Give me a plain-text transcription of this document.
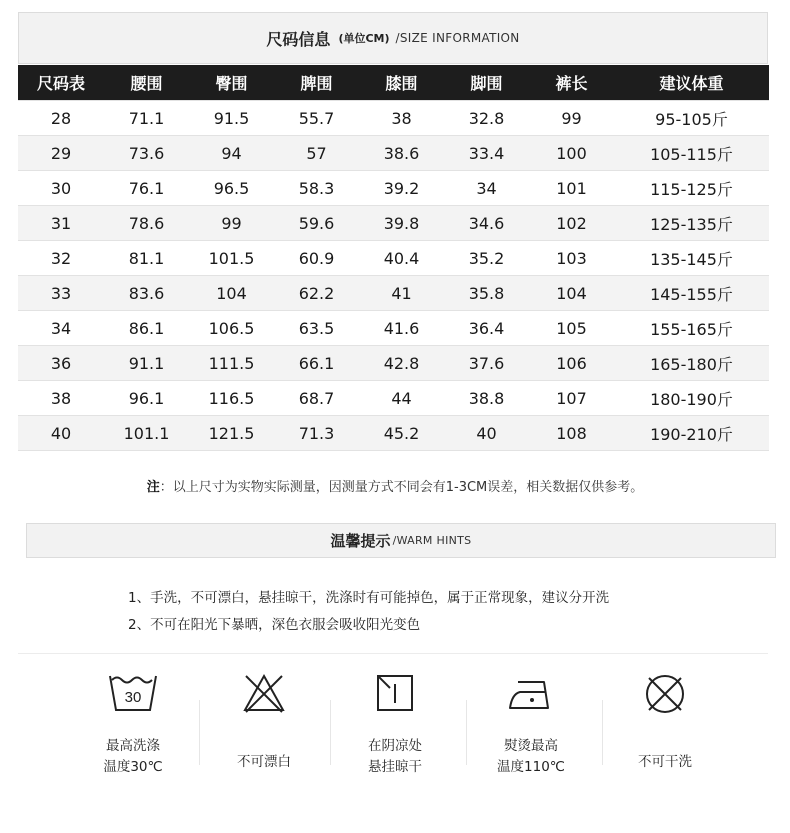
尺码信息 (单位CM) /SIZE INFORMATION
尺码表	腰围	臀围	脾围	膝围	脚围	裤长	建议体重
28	71.1	91.5	55.7	38	32.8	99	95-105斤
29	73.6	94	57	38.6	33.4	100	105-115斤
30	76.1	96.5	58.3	39.2	34	101	115-125斤
31	78.6	99	59.6	39.8	34.6	102	125-135斤
32	81.1	101.5	60.9	40.4	35.2	103	135-145斤
33	83.6	104	62.2	41	35.8	104	145-155斤
34	86.1	106.5	63.5	41.6	36.4	105	155-165斤
36	91.1	111.5	66.1	42.8	37.6	106	165-180斤
38	96.1	116.5	68.7	44	38.8	107	180-190斤
40	101.1	121.5	71.3	45.2	40	108	190-210斤
注：以上尺寸为实物实际测量，因测量方式不同会有1-3CM误差，相关数据仅供参考。
温馨提示 /WARM HINTS
1、手洗，不可漂白，悬挂晾干，洗涤时有可能掉色，属于正常现象，建议分开洗
2、不可在阳光下暴晒，深色衣服会吸收阳光变色
30
最高洗涤
温度30℃	不可漂白
在阴凉处
悬挂晾干
熨烫最高
温度110℃	不可干洗
